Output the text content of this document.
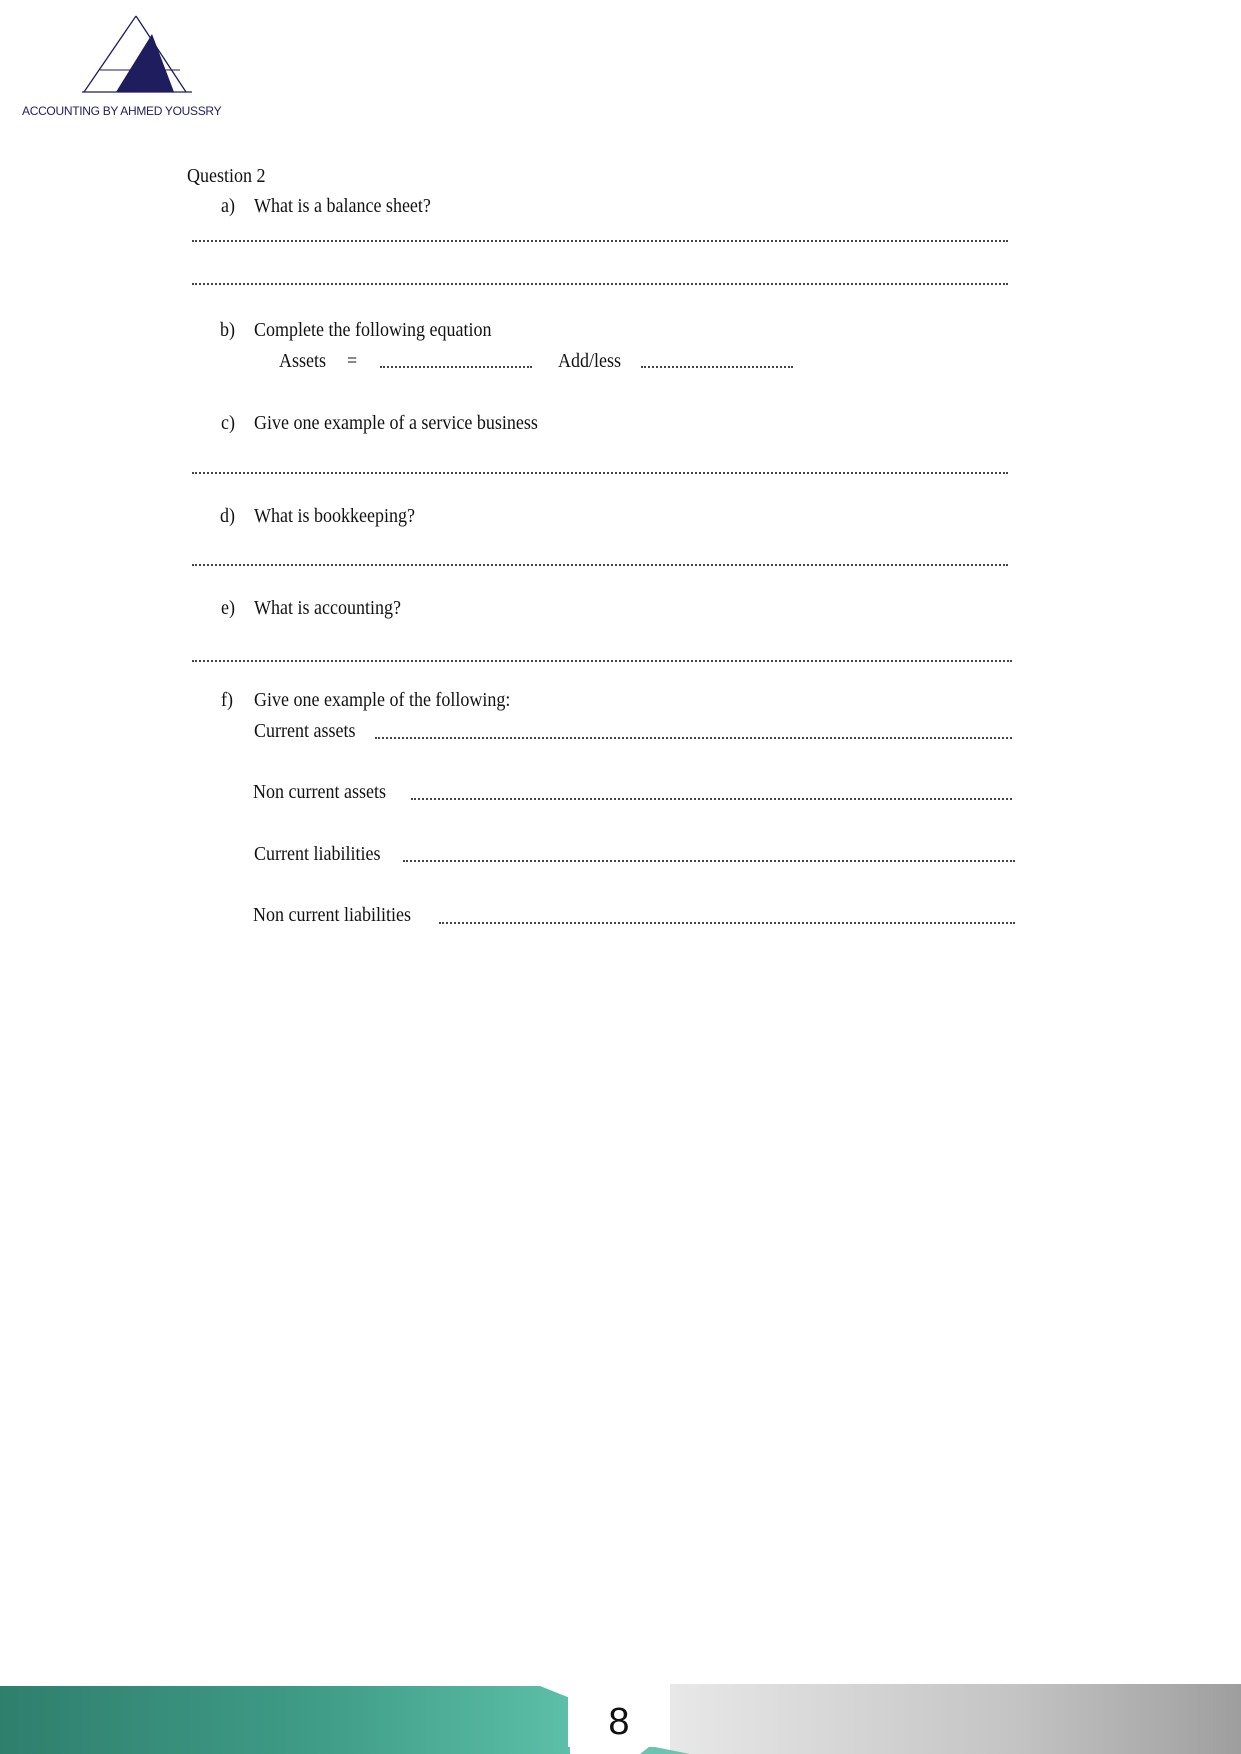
ACCOUNTING BY AHMED YOUSSRY
Question 2
a) What is a balance sheet?
b) Complete the following equation
Assets =	Add/less
c) Give one example of a service business
d) What is bookkeeping?
e) What is accounting?
f) Give one example of the following:
Current assets
Non current assets
Current liabilities
Non current liabilities
8
